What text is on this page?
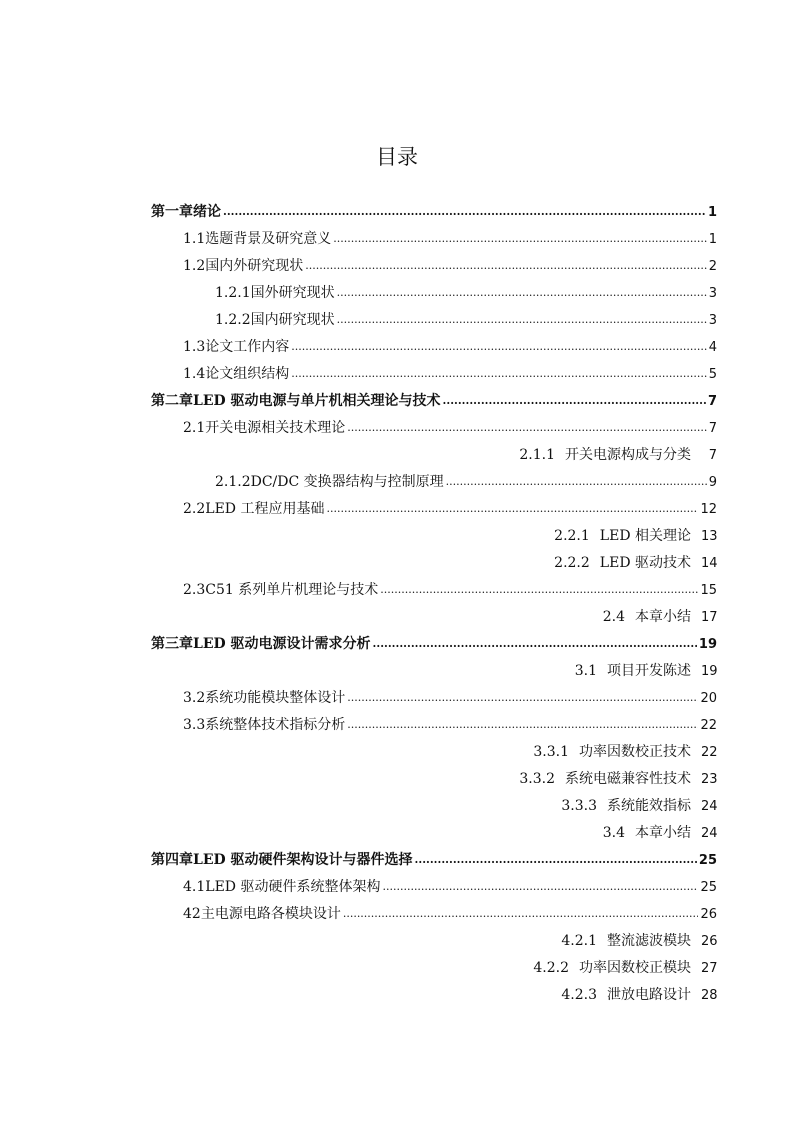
目录
第一章 绪论 .....	1
1.1 选题背景及研究意义 .....	1
1.2 国内外研究现状 .....	2
1.2.1 国外研究现状 .....	3
1.2.2 国内研究现状 .....	3
1.3 论文工作内容 .....	4
1.4 论文组织结构 .....	5
第二章 LED 驱动电源与单片机相关理论与技术 .....	7
2.1 开关电源相关技术理论 .....	7
2.1.1 开关电源构成与分类	7
2.1.2 DC/DC 变换器结构与控制原理 .....	9
2.2 LED 工程应用基础 .....	12
2.2.1 LED 相关理论 13
2.2.2 LED 驱动技术 14
2.3 C51 系列单片机理论与技术 .....	15
2.4 本章小结 17
第三章 LED 驱动电源设计需求分析 .....	19
3.1 项目开发陈述 19
3.2 系统功能模块整体设计 .....	20
3.3 系统整体技术指标分析 .....	22
3.3.1 功率因数校正技术 22
3.3.2 系统电磁兼容性技术 23
3.3.3 系统能效指标 24
3.4 本章小结 24
第四章 LED 驱动硬件架构设计与器件选择 .....	25
4.1 LED 驱动硬件系统整体架构 .....	25
42 主电源电路各模块设计 .....	26
4.2.1 整流滤波模块 26
4.2.2 功率因数校正模块 27
4.2.3 泄放电路设计 28
